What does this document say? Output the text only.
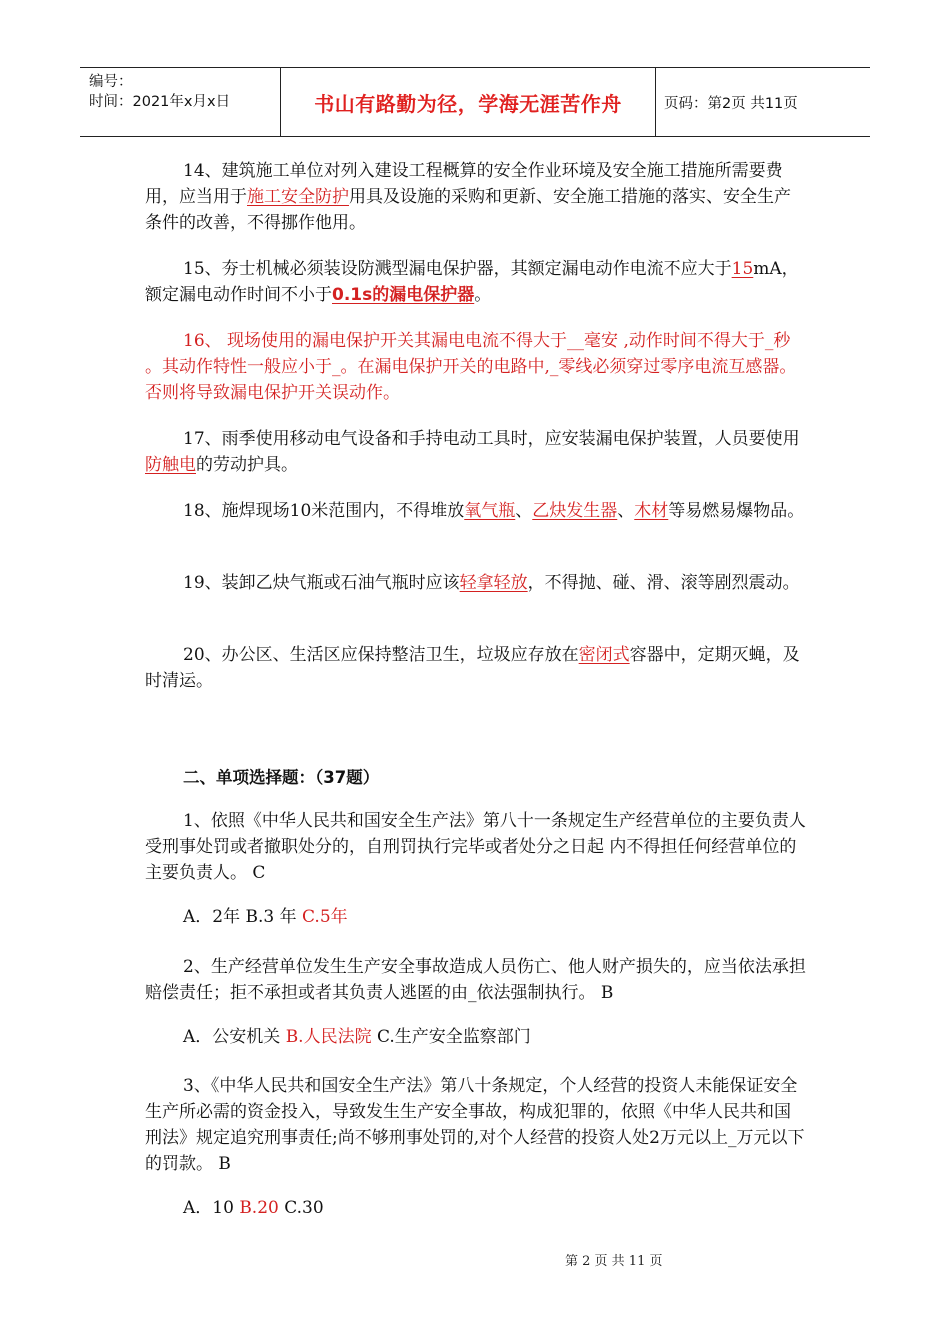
编号：
时间：2021年x月x日	书山有路勤为径，学海无涯苦作舟	页码：第2页 共11页

14、建筑施工单位对列入建设工程概算的安全作业环境及安全施工措施所需要费用，应当用于施工安全防护用具及设施的采购和更新、安全施工措施的落实、安全生产条件的改善，不得挪作他用。

15、夯士机械必须装设防溅型漏电保护器，其额定漏电动作电流不应大于15mA，额定漏电动作时间不小于0.1s的漏电保护器。

16、 现场使用的漏电保护开关其漏电电流不得大于__毫安 ,动作时间不得大于_秒 。其动作特性一般应小于_。在漏电保护开关的电路中,_零线必须穿过零序电流互感器。否则将导致漏电保护开关误动作。

17、雨季使用移动电气设备和手持电动工具时，应安装漏电保护装置，人员要使用防触电的劳动护具。

18、施焊现场10米范围内，不得堆放氧气瓶、乙炔发生器、木材等易燃易爆物品。

19、装卸乙炔气瓶或石油气瓶时应该轻拿轻放，不得抛、碰、滑、滚等剧烈震动。

20、办公区、生活区应保持整洁卫生，垃圾应存放在密闭式容器中，定期灭蝇，及时清运。

二、单项选择题：（37题）

1、依照《中华人民共和国安全生产法》第八十一条规定生产经营单位的主要负责人受刑事处罚或者撤职处分的，自刑罚执行完毕或者处分之日起 内不得担任何经营单位的主要负责人。 C

A．2年 B.3 年 C.5年

2、生产经营单位发生生产安全事故造成人员伤亡、他人财产损失的，应当依法承担赔偿责任；拒不承担或者其负责人逃匿的由_依法强制执行。 B

A．公安机关 B.人民法院 C.生产安全监察部门

3、《中华人民共和国安全生产法》第八十条规定，个人经营的投资人未能保证安全生产所必需的资金投入，导致发生生产安全事故，构成犯罪的，依照《中华人民共和国刑法》规定追究刑事责任;尚不够刑事处罚的,对个人经营的投资人处2万元以上_万元以下的罚款。 B

A．10 B.20 C.30
第 2 页 共 11 页
